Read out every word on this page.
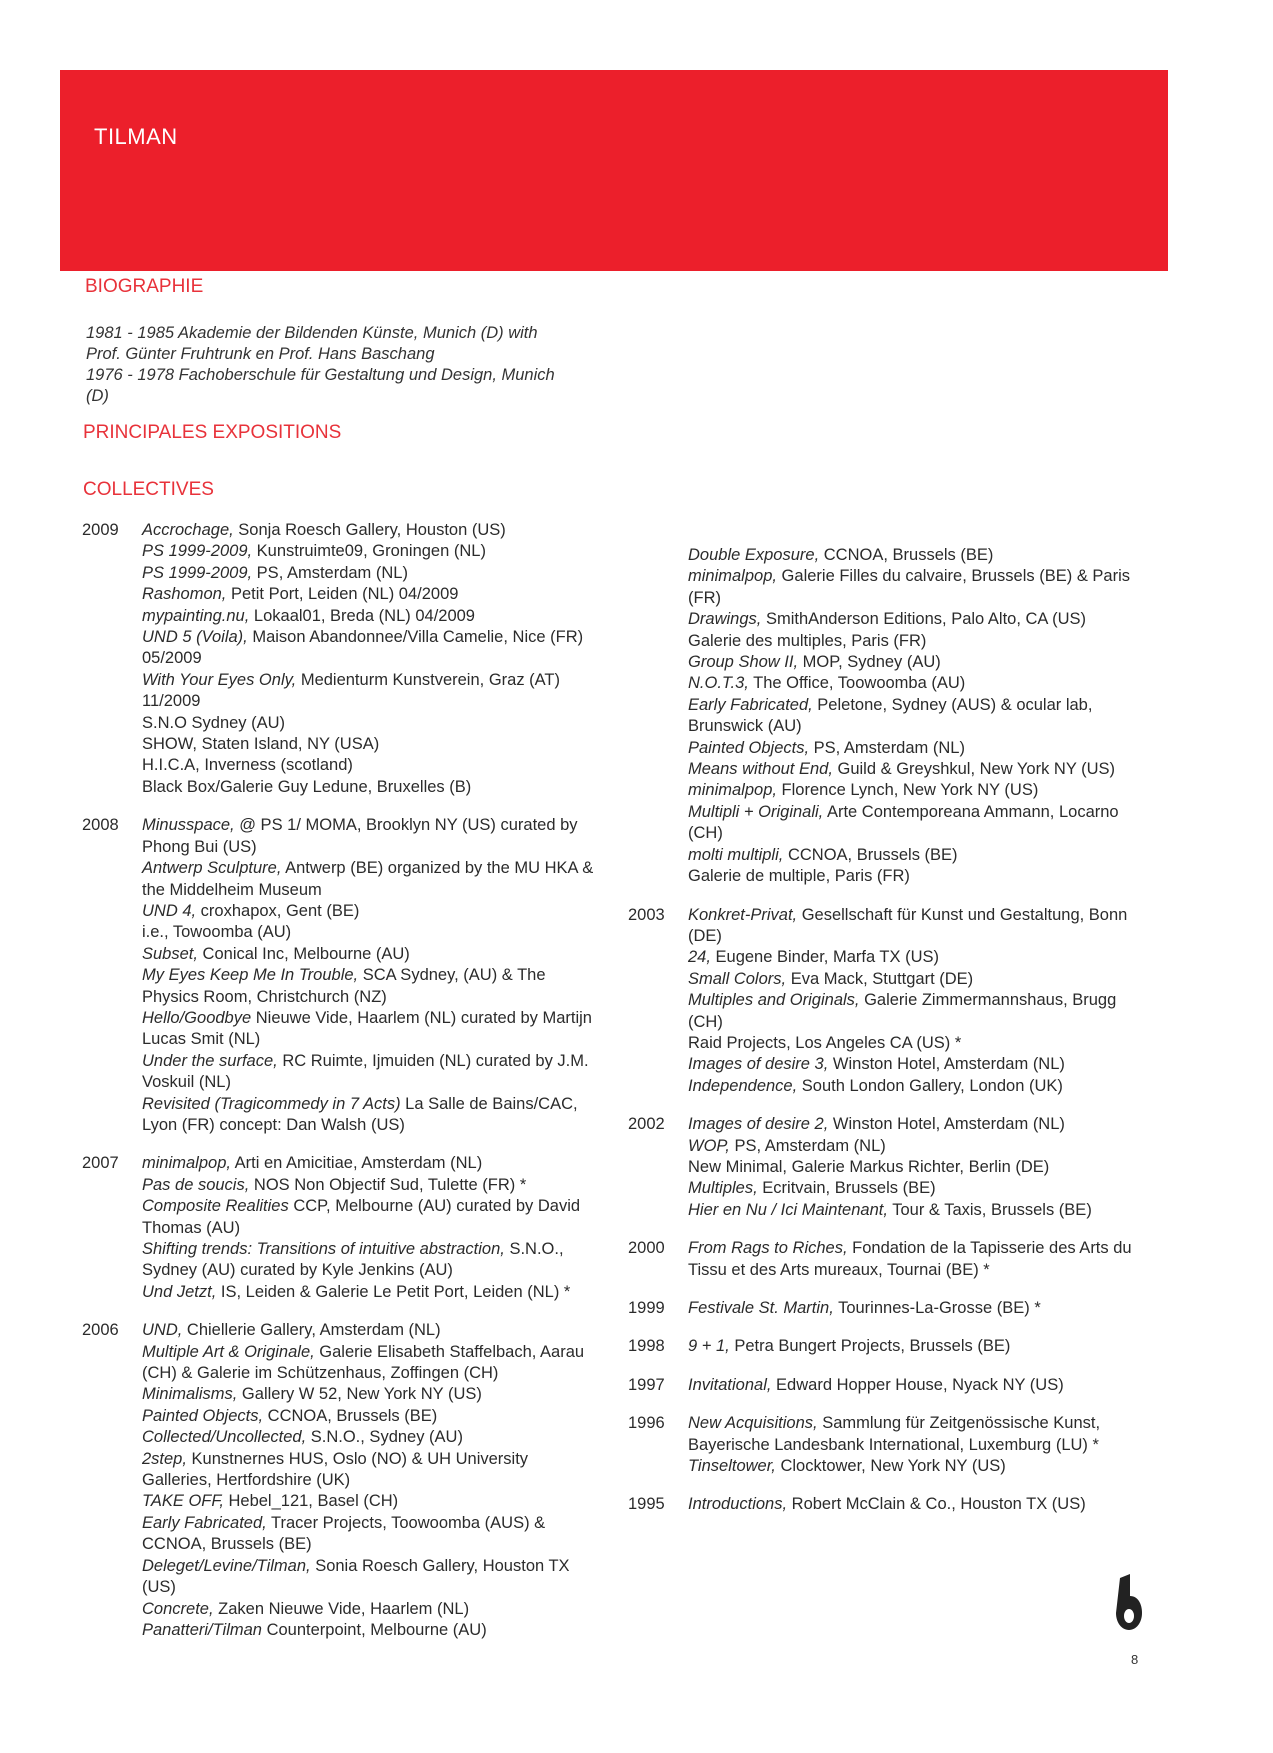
TILMAN
BIOGRAPHIE
1981 - 1985 Akademie der Bildenden Künste, Munich (D) with
Prof. Günter Fruhtrunk en Prof. Hans Baschang
1976 - 1978 Fachoberschule für Gestaltung und Design, Munich
(D)
PRINCIPALES EXPOSITIONS
COLLECTIVES
2009 Accrochage, Sonja Roesch Gallery, Houston (US)
PS 1999-2009, Kunstruimte09, Groningen (NL)
PS 1999-2009, PS, Amsterdam (NL)
Rashomon, Petit Port, Leiden (NL) 04/2009
mypainting.nu, Lokaal01, Breda (NL) 04/2009
UND 5 (Voila), Maison Abandonnee/Villa Camelie, Nice (FR) 05/2009
With Your Eyes Only, Medienturm Kunstverein, Graz (AT) 11/2009
S.N.O Sydney (AU)
SHOW, Staten Island, NY (USA)
H.I.C.A, Inverness (scotland)
Black Box/Galerie Guy Ledune, Bruxelles (B)
2008 Minusspace, @ PS 1/ MOMA, Brooklyn NY (US) curated by Phong Bui (US)
Antwerp Sculpture, Antwerp (BE) organized by the MU HKA & the Middelheim Museum
UND 4, croxhapox, Gent (BE)
i.e., Towoomba (AU)
Subset, Conical Inc, Melbourne (AU)
My Eyes Keep Me In Trouble, SCA Sydney, (AU) & The Physics Room, Christchurch (NZ)
Hello/Goodbye Nieuwe Vide, Haarlem (NL) curated by Martijn Lucas Smit (NL)
Under the surface, RC Ruimte, Ijmuiden (NL) curated by J.M. Voskuil (NL)
Revisited (Tragicommedy in 7 Acts) La Salle de Bains/CAC, Lyon (FR) concept: Dan Walsh (US)
2007 minimalpop, Arti en Amicitiae, Amsterdam (NL)
Pas de soucis, NOS Non Objectif Sud, Tulette (FR) *
Composite Realities CCP, Melbourne (AU) curated by David Thomas (AU)
Shifting trends: Transitions of intuitive abstraction, S.N.O., Sydney (AU) curated by Kyle Jenkins (AU)
Und Jetzt, IS, Leiden & Galerie Le Petit Port, Leiden (NL) *
2006 UND, Chiellerie Gallery, Amsterdam (NL)
Multiple Art & Originale, Galerie Elisabeth Staffelbach, Aarau (CH) & Galerie im Schützenhaus, Zoffingen (CH)
Minimalisms, Gallery W 52, New York NY (US)
Painted Objects, CCNOA, Brussels (BE)
Collected/Uncollected, S.N.O., Sydney (AU)
2step, Kunstnernes HUS, Oslo (NO) & UH University Galleries, Hertfordshire (UK)
TAKE OFF, Hebel_121, Basel (CH)
Early Fabricated, Tracer Projects, Toowoomba (AUS) & CCNOA, Brussels (BE)
Deleget/Levine/Tilman, Sonia Roesch Gallery, Houston TX (US)
Concrete, Zaken Nieuwe Vide, Haarlem (NL)
Panatteri/Tilman Counterpoint, Melbourne (AU)
Double Exposure, CCNOA, Brussels (BE)
minimalpop, Galerie Filles du calvaire, Brussels (BE) & Paris (FR)
Drawings, SmithAnderson Editions, Palo Alto, CA (US)
Galerie des multiples, Paris (FR)
Group Show II, MOP, Sydney (AU)
N.O.T.3, The Office, Toowoomba (AU)
Early Fabricated, Peletone, Sydney (AUS) & ocular lab, Brunswick (AU)
Painted Objects, PS, Amsterdam (NL)
Means without End, Guild & Greyshkul, New York NY (US)
minimalpop, Florence Lynch, New York NY (US)
Multipli + Originali, Arte Contemporeana Ammann, Locarno (CH)
molti multipli, CCNOA, Brussels (BE)
Galerie de multiple, Paris (FR)
2003 Konkret-Privat, Gesellschaft für Kunst und Gestaltung, Bonn (DE)
24, Eugene Binder, Marfa TX (US)
Small Colors, Eva Mack, Stuttgart (DE)
Multiples and Originals, Galerie Zimmermannshaus, Brugg (CH)
Raid Projects, Los Angeles CA (US) *
Images of desire 3, Winston Hotel, Amsterdam (NL)
Independence, South London Gallery, London (UK)
2002 Images of desire 2, Winston Hotel, Amsterdam (NL)
WOP, PS, Amsterdam (NL)
New Minimal, Galerie Markus Richter, Berlin (DE)
Multiples, Ecritvain, Brussels (BE)
Hier en Nu / Ici Maintenant, Tour & Taxis, Brussels (BE)
2000 From Rags to Riches, Fondation de la Tapisserie des Arts du Tissu et des Arts mureaux, Tournai (BE) *
1999 Festivale St. Martin, Tourinnes-La-Grosse (BE) *
1998 9 + 1, Petra Bungert Projects, Brussels (BE)
1997 Invitational, Edward Hopper House, Nyack NY (US)
1996 New Acquisitions, Sammlung für Zeitgenössische Kunst, Bayerische Landesbank International, Luxemburg (LU) *
Tinseltower, Clocktower, New York NY (US)
1995 Introductions, Robert McClain & Co., Houston TX (US)
8
